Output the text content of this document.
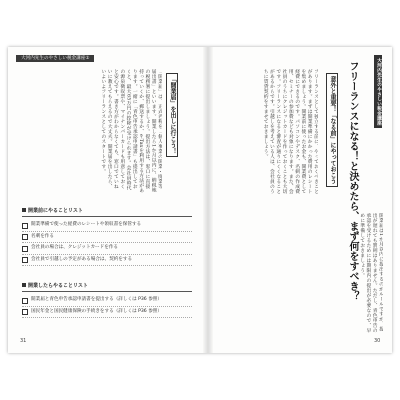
大河内先生のやさしい税金講座①
「開業届」を出しに行こう！

「開業届」は、正式名称を「個人事業の開業・廃業等届出書」といいます。開業したら1か月以内に、納税地の税務署に提出しましょう。提出方法は、窓口に直接持っていくか、郵送するか、e-Taxを利用する方法があります。一緒に「青色申告承認申請書」も提出しておくと、最大65万円の控除が受けられます。会社員時代の源泉徴収票や、マイナンバーカードも用意しておくと安心です。書き方がわからなくても、窓口でていねいに教えてもらえるので大丈夫。開業届を出したら、いよいよフリーランスとしてのスタートです。

開業前にやることリスト
開業準備で使った経費のレシートや領収書を保管する
名刺を作る
会社員の場合は、クレジットカードを作る
会社員で引越しの予定がある場合は、契約をする
開業したらやることリスト
開業届と青色申告承認申請書を提出する（詳しくは P36 参照）
国民年金と国民健康保険の手続きをする（詳しくは P36 参照）
31
大河内先生のやさしい税金講座
フリーランスになる！と決めたら、まず何をすべき？
意外と重要！「なる前」にやっておこう

フリーランスとして独立する前に、やっておくべきことがあります。まずは開業準備にかかった費用のレシートを集めましょう。開業前に使ったお金も、開業費として経費にできるのです。パソコンやデスク、名刺の作成費用、セミナーの参加費なども対象になります。また、会社員のうちにクレジットカードを作っておくことも大切です。フリーランスになると審査が通りにくくなることがあるからです。引越しを考えている人は、会社員のうちに賃貸契約をすませておきましょう。

開業届は1か月以内に提出するのがルールですが、提出が遅れても罰則はありません。ただし、青色申告の承認を受けるためには期限内の提出が必要なので、早めに準備しておきましょう。

30
